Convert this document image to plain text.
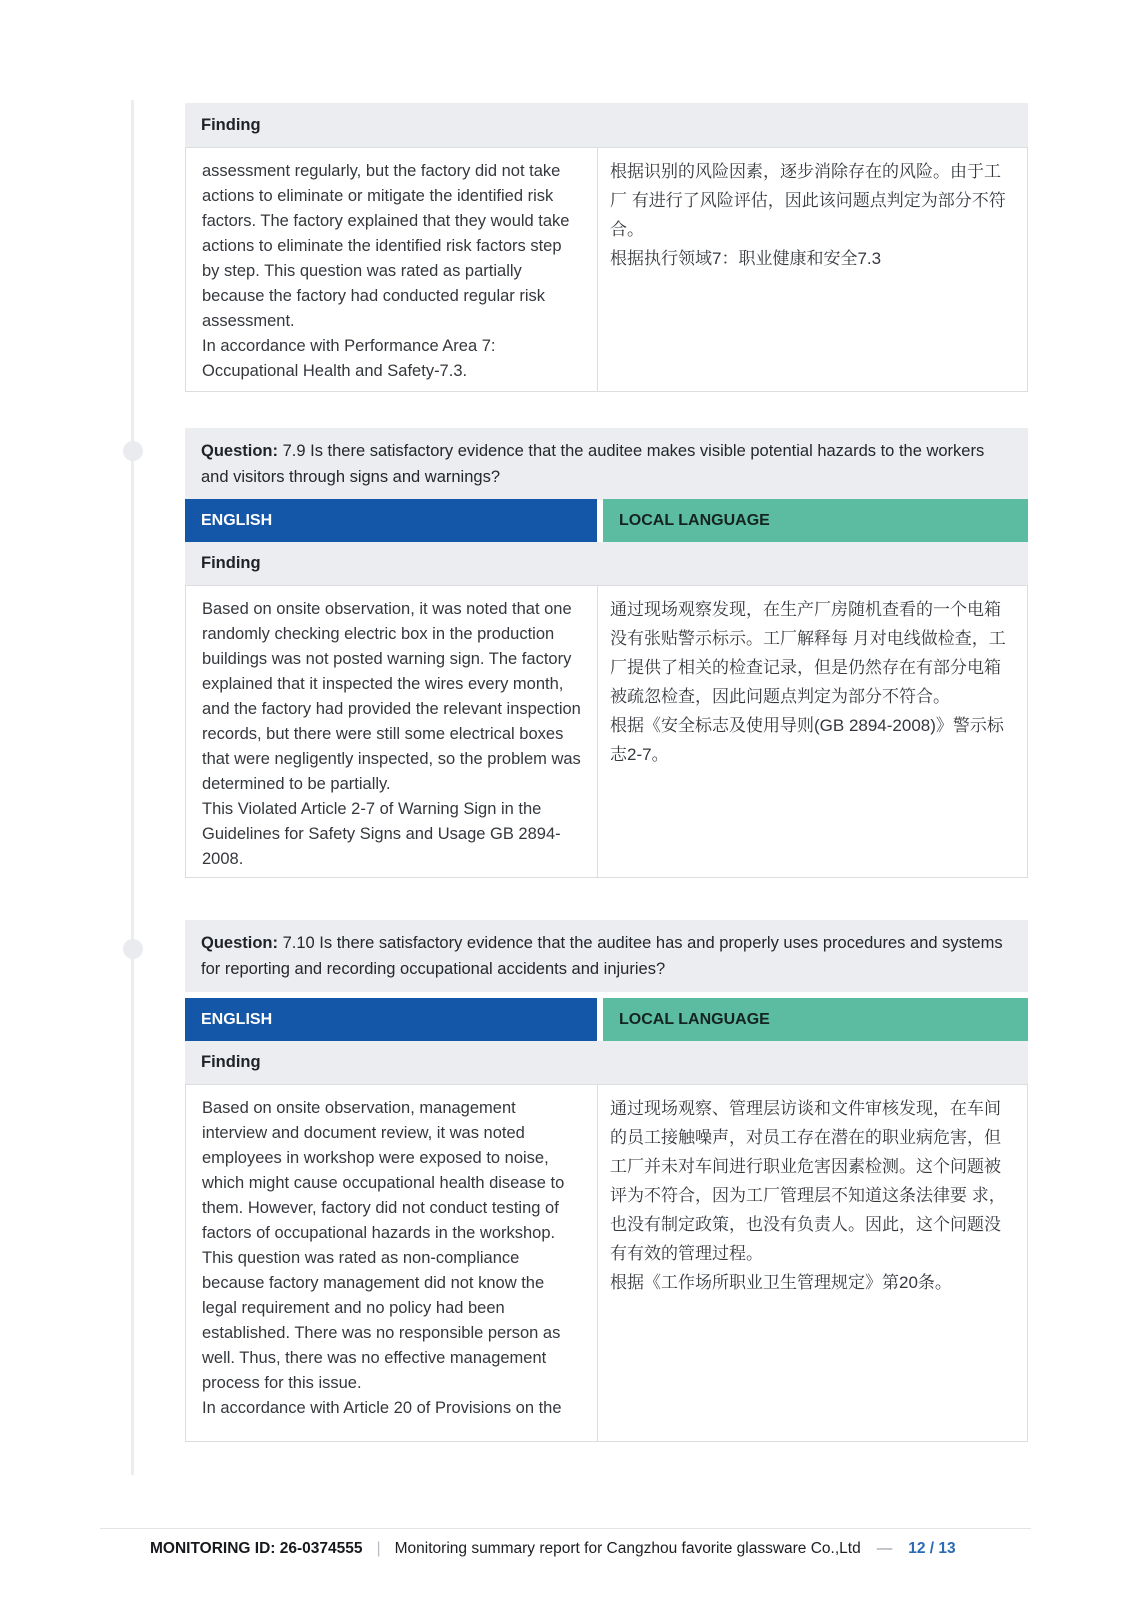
Finding

assessment regularly, but the factory did not take actions to eliminate or mitigate the identified risk factors. The factory explained that they would take actions to eliminate the identified risk factors step by step. This question was rated as partially because the factory had conducted regular risk assessment.

In accordance with Performance Area 7: Occupational Health and Safety-7.3.

根据识别的风险因素，逐步消除存在的风险。由于工厂 有进行了风险评估，因此该问题点判定为部分不符合。

根据执行领域7：职业健康和安全7.3

Question: 7.9 Is there satisfactory evidence that the auditee makes visible potential hazards to the workers and visitors through signs and warnings?
ENGLISH	LOCAL LANGUAGE
Finding

Based on onsite observation, it was noted that one randomly checking electric box in the production buildings was not posted warning sign. The factory explained that it inspected the wires every month, and the factory had provided the relevant inspection records, but there were still some electrical boxes that were negligently inspected, so the problem was determined to be partially.

This Violated Article 2-7 of Warning Sign in the Guidelines for Safety Signs and Usage GB 2894-2008.

通过现场观察发现，在生产厂房随机查看的一个电箱没有张贴警示标示。工厂解释每 月对电线做检查，工厂提供了相关的检查记录，但是仍然存在有部分电箱被疏忽检查，因此问题点判定为部分不符合。

根据《安全标志及使用导则(GB 2894-2008)》警示标志2-7。

Question: 7.10 Is there satisfactory evidence that the auditee has and properly uses procedures and systems for reporting and recording occupational accidents and injuries?
ENGLISH	LOCAL LANGUAGE
Finding

Based on onsite observation, management interview and document review, it was noted employees in workshop were exposed to noise, which might cause occupational health disease to them. However, factory did not conduct testing of factors of occupational hazards in the workshop. This question was rated as non-compliance because factory management did not know the legal requirement and no policy had been established. There was no responsible person as well. Thus, there was no effective management process for this issue.

In accordance with Article 20 of Provisions on the

通过现场观察、管理层访谈和文件审核发现，在车间的员工接触噪声，对员工存在潜在的职业病危害，但工厂并未对车间进行职业危害因素检测。这个问题被评为不符合，因为工厂管理层不知道这条法律要 求，也没有制定政策，也没有负责人。因此，这个问题没有有效的管理过程。

根据《工作场所职业卫生管理规定》第20条。

MONITORING ID: 26-0374555 | Monitoring summary report for Cangzhou favorite glassware Co.,Ltd — 12 / 13
